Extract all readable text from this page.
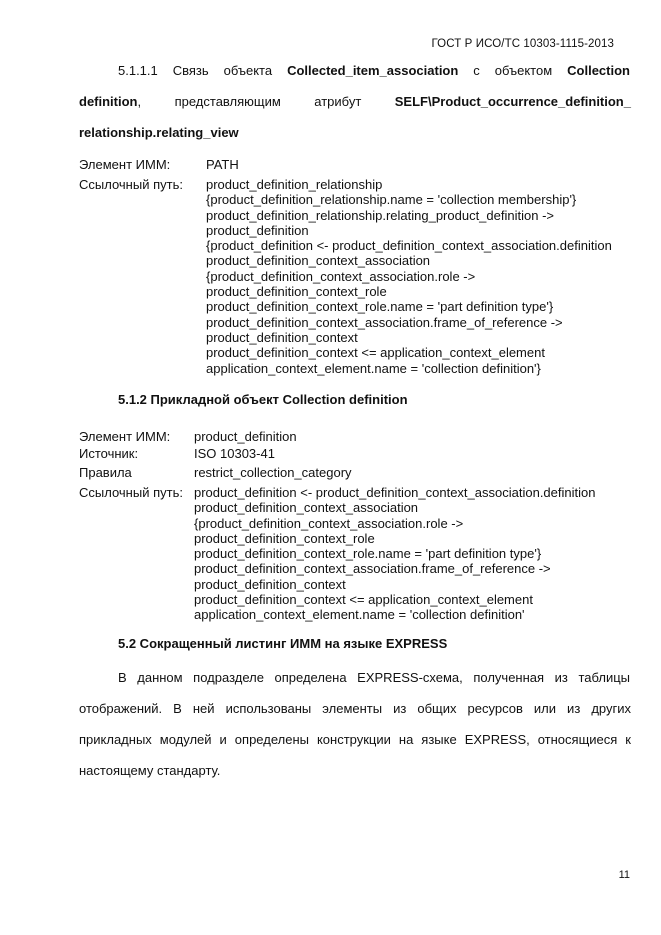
ГОСТ Р ИСО/ТС 10303-1115-2013
5.1.1.1 Связь объекта Collected_item_association с объектом Collection
definition,	представляющим	атрибут	SELF\Product_occurrence_definition_
relationship.relating_view
Элемент ИММ:	PATH
Ссылочный путь: product_definition_relationship
{product_definition_relationship.name = 'collection membership'}
product_definition_relationship.relating_product_definition ->
product_definition
{product_definition <- product_definition_context_association.definition
product_definition_context_association
{product_definition_context_association.role ->
product_definition_context_role
product_definition_context_role.name = 'part definition type'}
product_definition_context_association.frame_of_reference ->
product_definition_context
product_definition_context <= application_context_element
application_context_element.name = 'collection definition'}
5.1.2 Прикладной объект Collection definition
Элемент ИММ: product_definition
Источник:	ISO 10303-41
Правила	restrict_collection_category
Ссылочный путь: product_definition <- product_definition_context_association.definition
product_definition_context_association
{product_definition_context_association.role ->
product_definition_context_role
product_definition_context_role.name = 'part definition type'}
product_definition_context_association.frame_of_reference ->
product_definition_context
product_definition_context <= application_context_element
application_context_element.name = 'collection definition'
5.2 Сокращенный листинг ИММ на языке EXPRESS
В данном подразделе определена EXPRESS-схема, полученная из таблицы
отображений. В ней использованы элементы из общих ресурсов или из других
прикладных модулей и определены конструкции на языке EXPRESS, относящиеся к
настоящему стандарту.
11
